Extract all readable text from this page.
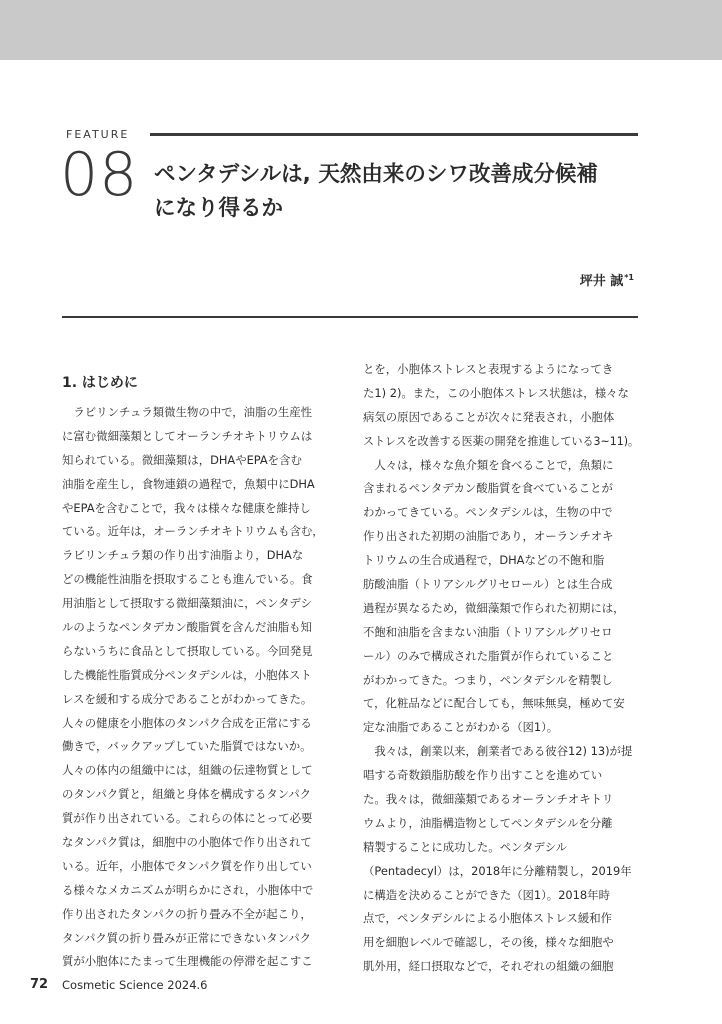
FEATURE
08 ペンタデシルは, 天然由来のシワ改善成分候補
になり得るか
坪井 誠$^{*1}$
1. はじめに
　ラビリンチュラ類微生物の中で，油脂の生産性
に富む微細藻類としてオーランチオキトリウムは
知られている。微細藻類は，DHAやEPAを含む
油脂を産生し，食物連鎖の過程で，魚類中にDHA
やEPAを含むことで，我々は様々な健康を維持し
ている。近年は，オーランチオキトリウムも含む，
ラビリンチュラ類の作り出す油脂より，DHAな
どの機能性油脂を摂取することも進んでいる。食
用油脂として摂取する微細藻類油に，ペンタデシ
ルのようなペンタデカン酸脂質を含んだ油脂も知
らないうちに食品として摂取している。今回発見
した機能性脂質成分ペンタデシルは，小胞体スト
レスを緩和する成分であることがわかってきた。
人々の健康を小胞体のタンパク合成を正常にする
働きで，バックアップしていた脂質ではないか。
人々の体内の組織中には，組織の伝達物質として
のタンパク質と，組織と身体を構成するタンパク
質が作り出されている。これらの体にとって必要
なタンパク質は，細胞中の小胞体で作り出されて
いる。近年，小胞体でタンパク質を作り出してい
る様々なメカニズムが明らかにされ，小胞体中で
作り出されたタンパクの折り畳み不全が起こり，
タンパク質の折り畳みが正常にできないタンパク
質が小胞体にたまって生理機能の停滞を起こすこ
とを，小胞体ストレスと表現するようになってき
た1) 2)。また，この小胞体ストレス状態は，様々な
病気の原因であることが次々に発表され，小胞体
ストレスを改善する医薬の開発を推進している3~11)。
　人々は，様々な魚介類を食べることで，魚類に
含まれるペンタデカン酸脂質を食べていることが
わかってきている。ペンタデシルは，生物の中で
作り出された初期の油脂であり，オーランチオキ
トリウムの生合成過程で，DHAなどの不飽和脂
肪酸油脂（トリアシルグリセロール）とは生合成
過程が異なるため，微細藻類で作られた初期には，
不飽和油脂を含まない油脂（トリアシルグリセロ
ール）のみで構成された脂質が作られていること
がわかってきた。つまり，ペンタデシルを精製し
て，化粧品などに配合しても，無味無臭，極めて安
定な油脂であることがわかる（図1）。
　我々は，創業以来，創業者である彼谷12) 13)が提
唱する奇数鎖脂肪酸を作り出すことを進めてい
た。我々は，微細藻類であるオーランチオキトリ
ウムより，油脂構造物としてペンタデシルを分離
精製することに成功した。ペンタデシル
（Pentadecyl）は，2018年に分離精製し，2019年
に構造を決めることができた（図1）。2018年時
点で，ペンタデシルによる小胞体ストレス緩和作
用を細胞レベルで確認し，その後，様々な細胞や
肌外用，経口摂取などで，それぞれの組織の細胞
72 Cosmetic Science 2024.6
